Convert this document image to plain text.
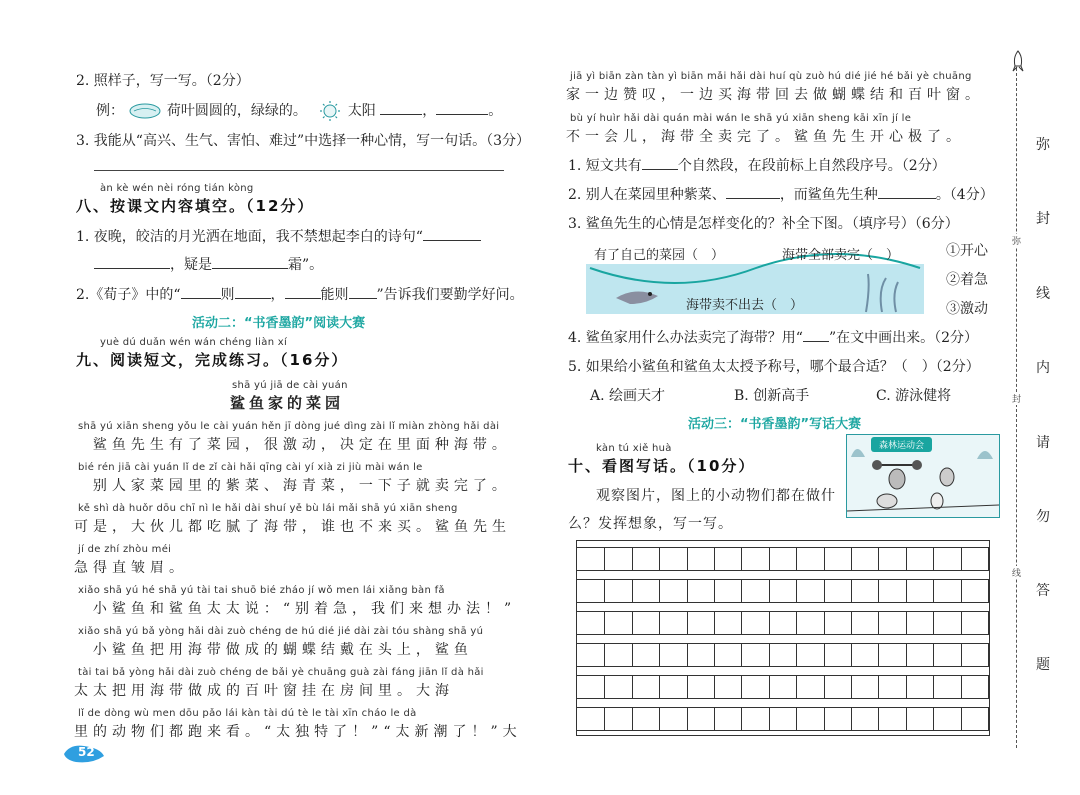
2. 照样子，写一写。（2分）
例：	荷叶圆圆的，绿绿的。	太阳	，	。
3. 我能从“高兴、生气、害怕、难过”中选择一种心情，写一句话。（3分）
àn kè wén nèi róng tián kòng
八、按课文内容填空。（12分）
1. 夜晚，皎洁的月光洒在地面，我不禁想起李白的诗句“
，疑是	霜”。
2.《荀子》中的“	则	，	能则 ”告诉我们要勤学好问。
活动二：“书香墨韵”阅读大赛
yuè dú duǎn wén wán chéng liàn xí
九、阅读短文，完成练习。（16分）
shā yú jiā de cài yuán
鲨鱼家的菜园
shā yú xiān sheng yǒu le cài yuán hěn jī dòng jué dìng zài lǐ miàn zhòng hǎi dài
鲨鱼先生有了菜园，很激动，决定在里面种海带。
bié rén jiā cài yuán lǐ de zǐ cài hǎi qīng cài yí xià zi jiù mài wán le
别人家菜园里的紫菜、海青菜，一下子就卖完了。
kě shì dà huǒr dōu chī nì le hǎi dài shuí yě bù lái mǎi shā yú xiān sheng
可是，大伙儿都吃腻了海带，谁也不来买。鲨鱼先生
jí de zhí zhòu méi
急得直皱眉。
xiǎo shā yú hé shā yú tài tai shuō bié zháo jí wǒ men lái xiǎng bàn fǎ
小鲨鱼和鲨鱼太太说：“别着急，我们来想办法！”
xiǎo shā yú bǎ yòng hǎi dài zuò chéng de hú dié jié dài zài tóu shàng shā yú
小鲨鱼把用海带做成的蝴蝶结戴在头上，鲨鱼
tài tai bǎ yòng hǎi dài zuò chéng de bǎi yè chuāng guà zài fáng jiān lǐ dà hǎi
太太把用海带做成的百叶窗挂在房间里。大海
lǐ de dòng wù men dōu pǎo lái kàn tài dú tè le tài xīn cháo le dà
里的动物们都跑来看。“太独特了！”“太新潮了！”大
52
jiā yì biān zàn tàn yì biān mǎi hǎi dài huí qù zuò hú dié jié hé bǎi yè chuāng
家一边赞叹，一边买海带回去做蝴蝶结和百叶窗。
bù yí huìr hǎi dài quán mài wán le shā yú xiān sheng kāi xīn jí le
不一会儿，海带全卖完了。鲨鱼先生开心极了。
1. 短文共有	个自然段，在段前标上自然段序号。（2分）
2. 别人在菜园里种紫菜、	，而鲨鱼先生种	。（4分）
3. 鲨鱼先生的心情是怎样变化的？补全下图。（填序号）（6分）
有了自己的菜园（　）	海带全部卖完（　）
海带卖不出去（　）
①开心
②着急
③激动
4. 鲨鱼家用什么办法卖完了海带？用“ ”在文中画出来。（2分）
5. 如果给小鲨鱼和鲨鱼太太授予称号，哪个最合适？（　）（2分）
A. 绘画天才	B. 创新高手	C. 游泳健将
活动三：“书香墨韵”写话大赛
kàn tú xiě huà
十、看图写话。（10分）
森林运动会
观察图片，图上的小动物们都在做什
么？发挥想象，写一写。
弥
封
线
内
请
勿
答
题
弥
封
线
